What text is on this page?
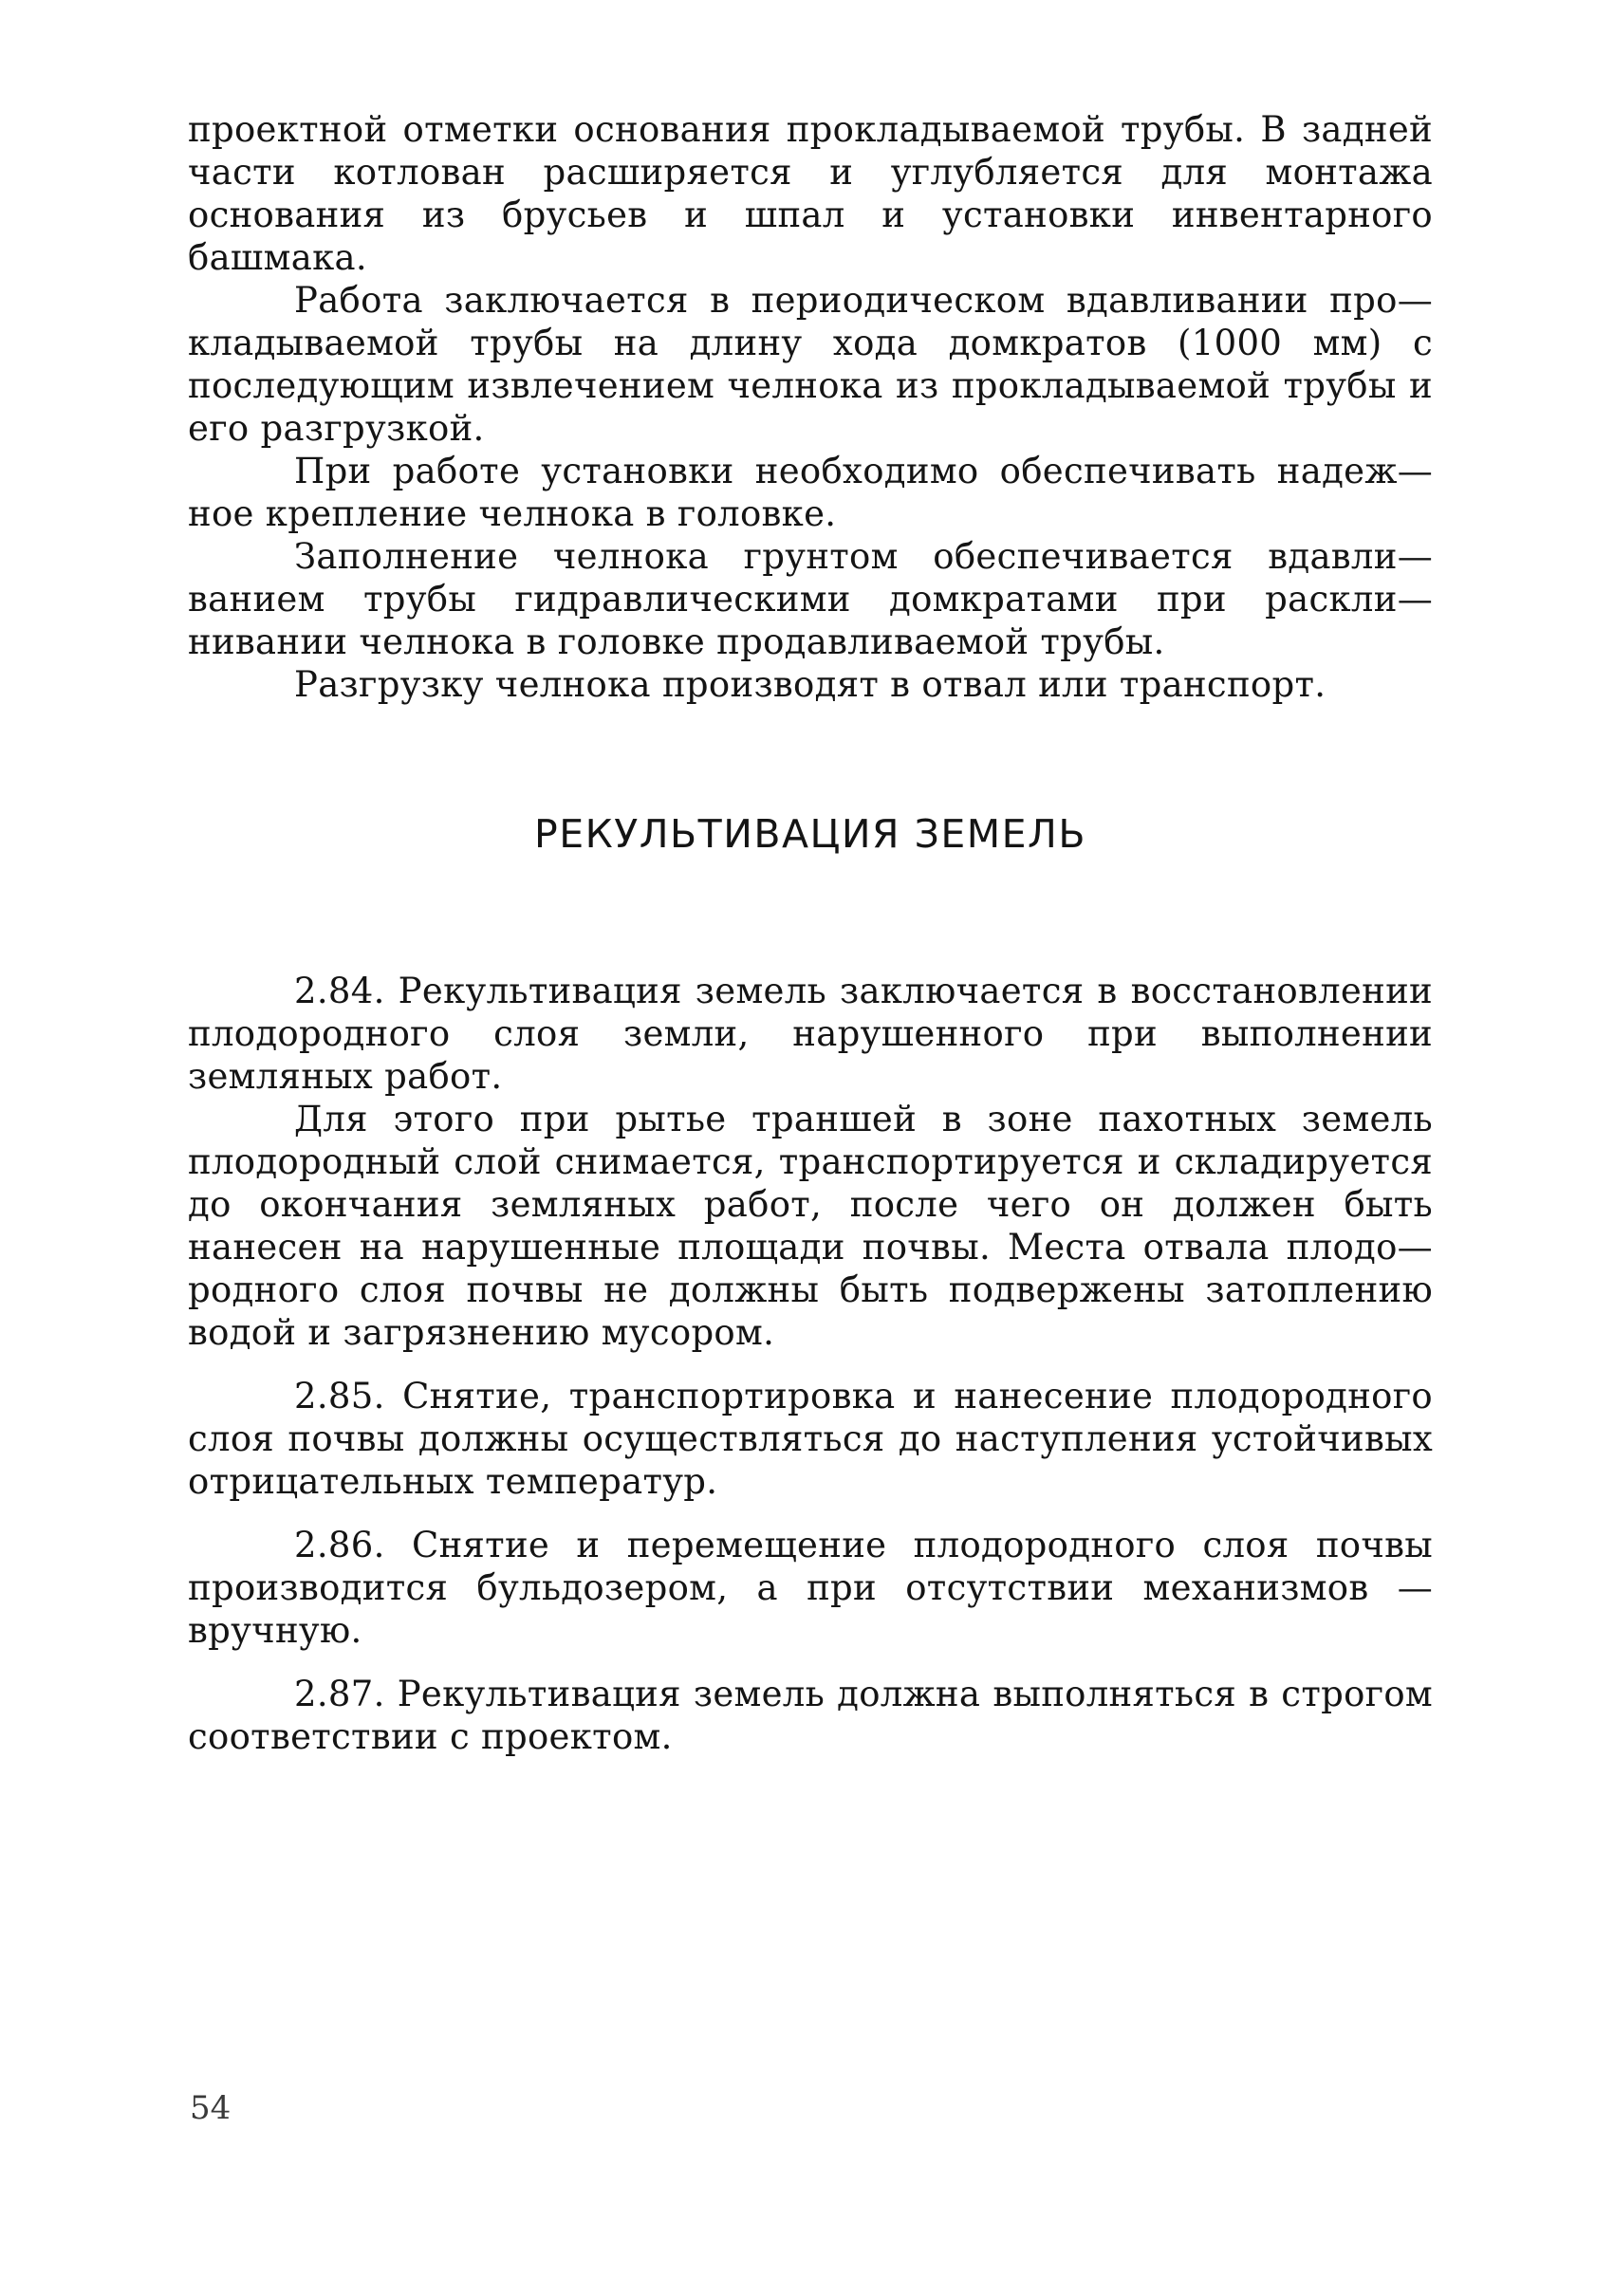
проектной отметки основания прокладываемой трубы. В задней части котлован расширяется и углубляется для монтажа основания из брусьев и шпал и установки инвентарного башмака.

Работа заключается в периодическом вдавливании про— кладываемой трубы на длину хода домкратов (1000 мм) с последующим извлечением челнока из прокладываемой трубы и его разгрузкой.

При работе установки необходимо обеспечивать надеж— ное крепление челнока в головке.

Заполнение челнока грунтом обеспечивается вдавли— ванием трубы гидравлическими домкратами при раскли— нивании челнока в головке продавливаемой трубы.

Разгрузку челнока производят в отвал или транспорт.

РЕКУЛЬТИВАЦИЯ ЗЕМЕЛЬ

2.84. Рекультивация земель заключается в восстановлении плодородного слоя земли, нарушенного при выполнении земляных работ.

Для этого при рытье траншей в зоне пахотных земель плодородный слой снимается, транспортируется и складируется до окончания земляных работ, после чего он должен быть нанесен на нарушенные площади почвы. Места отвала плодо— родного слоя почвы не должны быть подвержены затоплению водой и загрязнению мусором.

2.85. Снятие, транспортировка и нанесение плодородного слоя почвы должны осуществляться до наступления устойчивых отрицательных температур.

2.86. Снятие и перемещение плодородного слоя почвы производится бульдозером, а при отсутствии механизмов — вручную.

2.87. Рекультивация земель должна выполняться в строгом соответствии с проектом.

54
